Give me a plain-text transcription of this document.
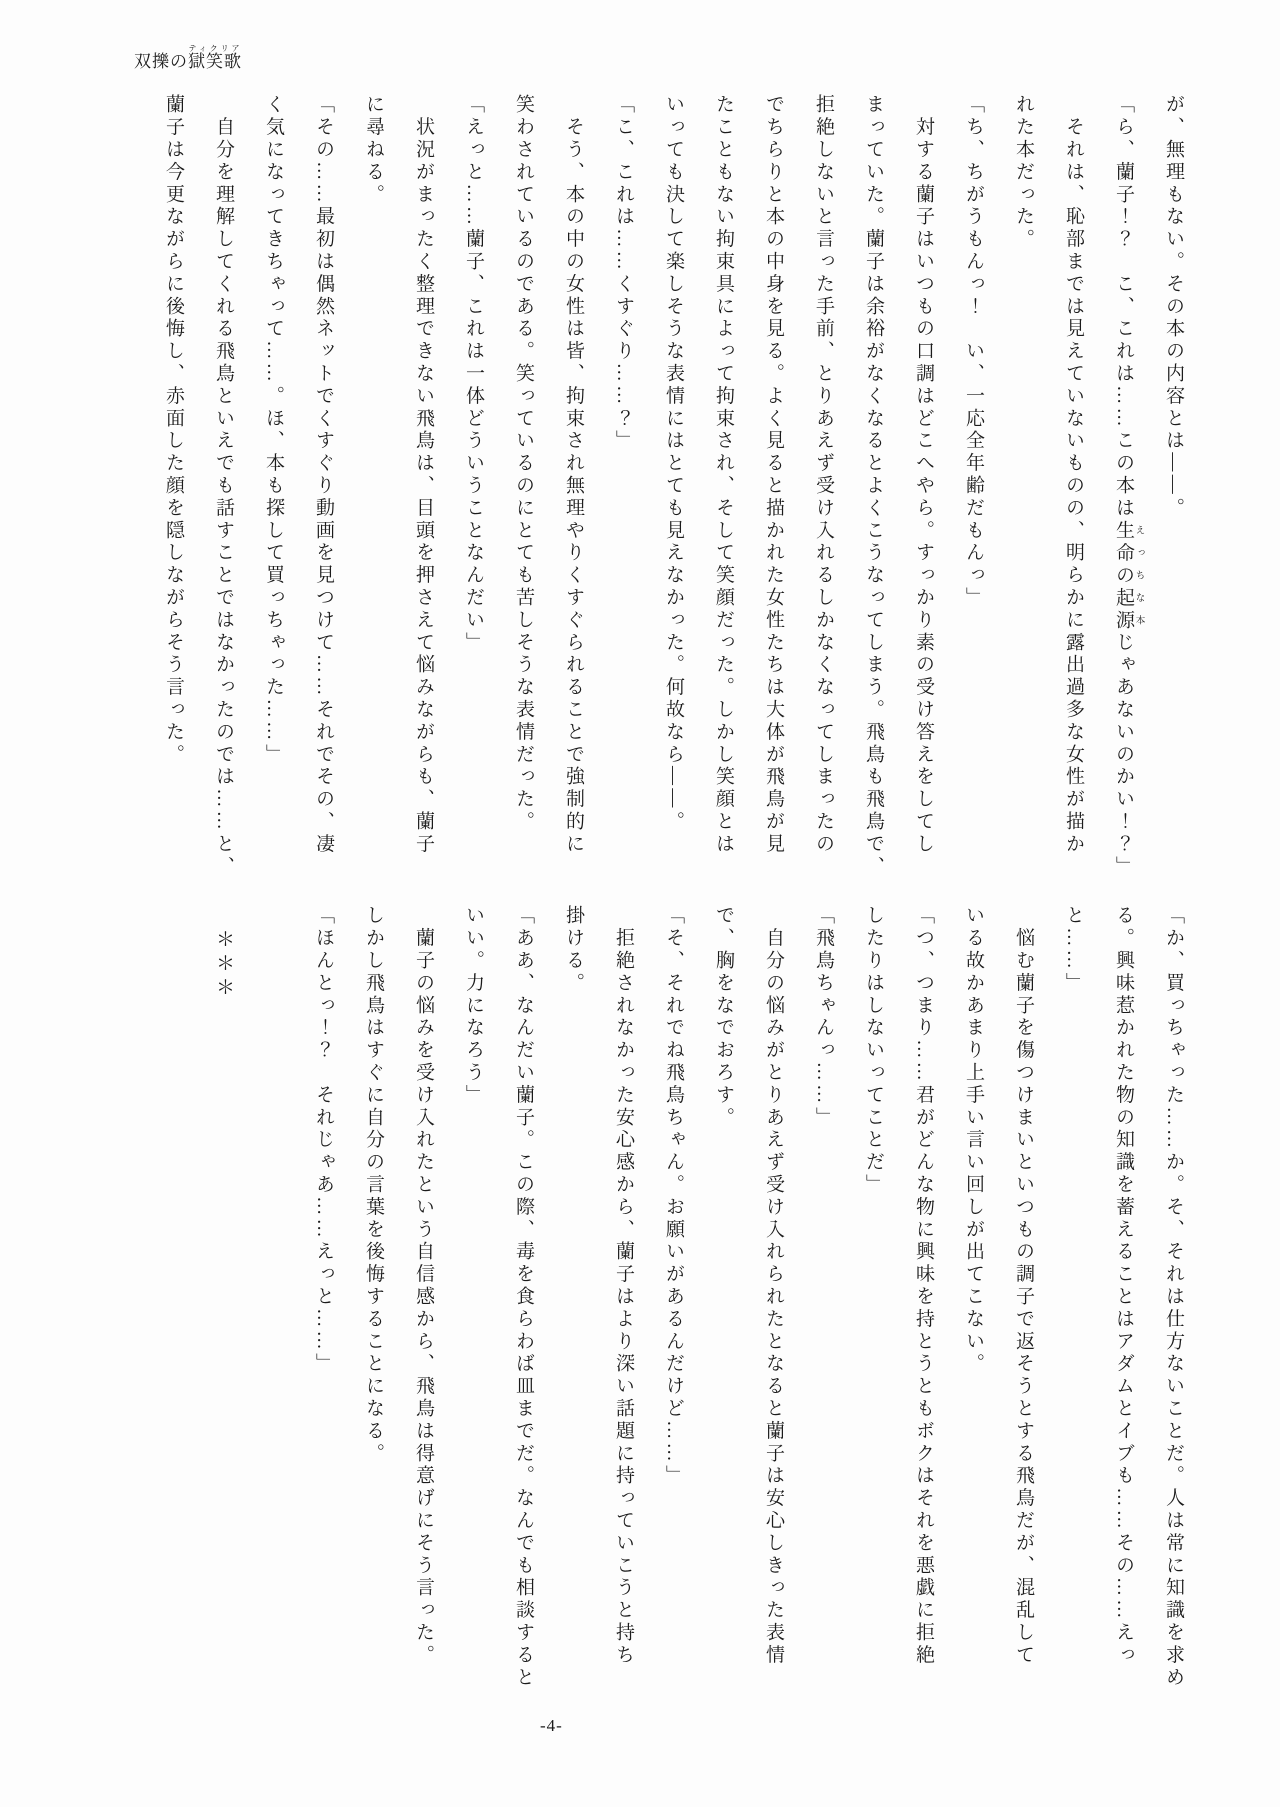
双擽の獄笑歌ティクリア
が、無理もない。その本の内容とは――。
「ら、蘭子！？　こ、これは……この本は生命の起源 えっちな本じゃあないのかい！？」
　それは、恥部までは見えていないものの、明らかに露出過多な女性が描か
れた本だった。
「ち、ちがうもんっ！　い、一応全年齢だもんっ」
　対する蘭子はいつもの口調はどこへやら。すっかり素の受け答えをしてし
まっていた。蘭子は余裕がなくなるとよくこうなってしまう。飛鳥も飛鳥で、
拒絶しないと言った手前、とりあえず受け入れるしかなくなってしまったの
でちらりと本の中身を見る。よく見ると描かれた女性たちは大体が飛鳥が見
たこともない拘束具によって拘束され、そして笑顔だった。しかし笑顔とは
いっても決して楽しそうな表情にはとても見えなかった。何故なら――。
「こ、これは……くすぐり……？」
　そう、本の中の女性は皆、拘束され無理やりくすぐられることで強制的に
笑わされているのである。笑っているのにとても苦しそうな表情だった。
「えっと……蘭子、これは一体どういうことなんだい」
　状況がまったく整理できない飛鳥は、目頭を押さえて悩みながらも、蘭子
に尋ねる。
「その……最初は偶然ネットでくすぐり動画を見つけて……それでその、凄
く気になってきちゃって……。ほ、本も探して買っちゃった……」
　自分を理解してくれる飛鳥といえでも話すことではなかったのでは……と、
蘭子は今更ながらに後悔し、赤面した顔を隠しながらそう言った。
「か、買っちゃった……か。そ、それは仕方ないことだ。人は常に知識を求め
る。興味惹かれた物の知識を蓄えることはアダムとイブも……その……えっ
と……」
　悩む蘭子を傷つけまいといつもの調子で返そうとする飛鳥だが、混乱して
いる故かあまり上手い言い回しが出てこない。
「つ、つまり……君がどんな物に興味を持とうともボクはそれを悪戯に拒絶
したりはしないってことだ」
「飛鳥ちゃんっ……」
　自分の悩みがとりあえず受け入れられたとなると蘭子は安心しきった表情
で、胸をなでおろす。
「そ、それでね飛鳥ちゃん。お願いがあるんだけど……」
　拒絶されなかった安心感から、蘭子はより深い話題に持っていこうと持ち
掛ける。
「ああ、なんだい蘭子。この際、毒を食らわば皿までだ。なんでも相談すると
いい。力になろう」
　蘭子の悩みを受け入れたという自信感から、飛鳥は得意げにそう言った。
しかし飛鳥はすぐに自分の言葉を後悔することになる。
「ほんとっ！？　それじゃあ……えっと……」
　＊＊＊
-4-
